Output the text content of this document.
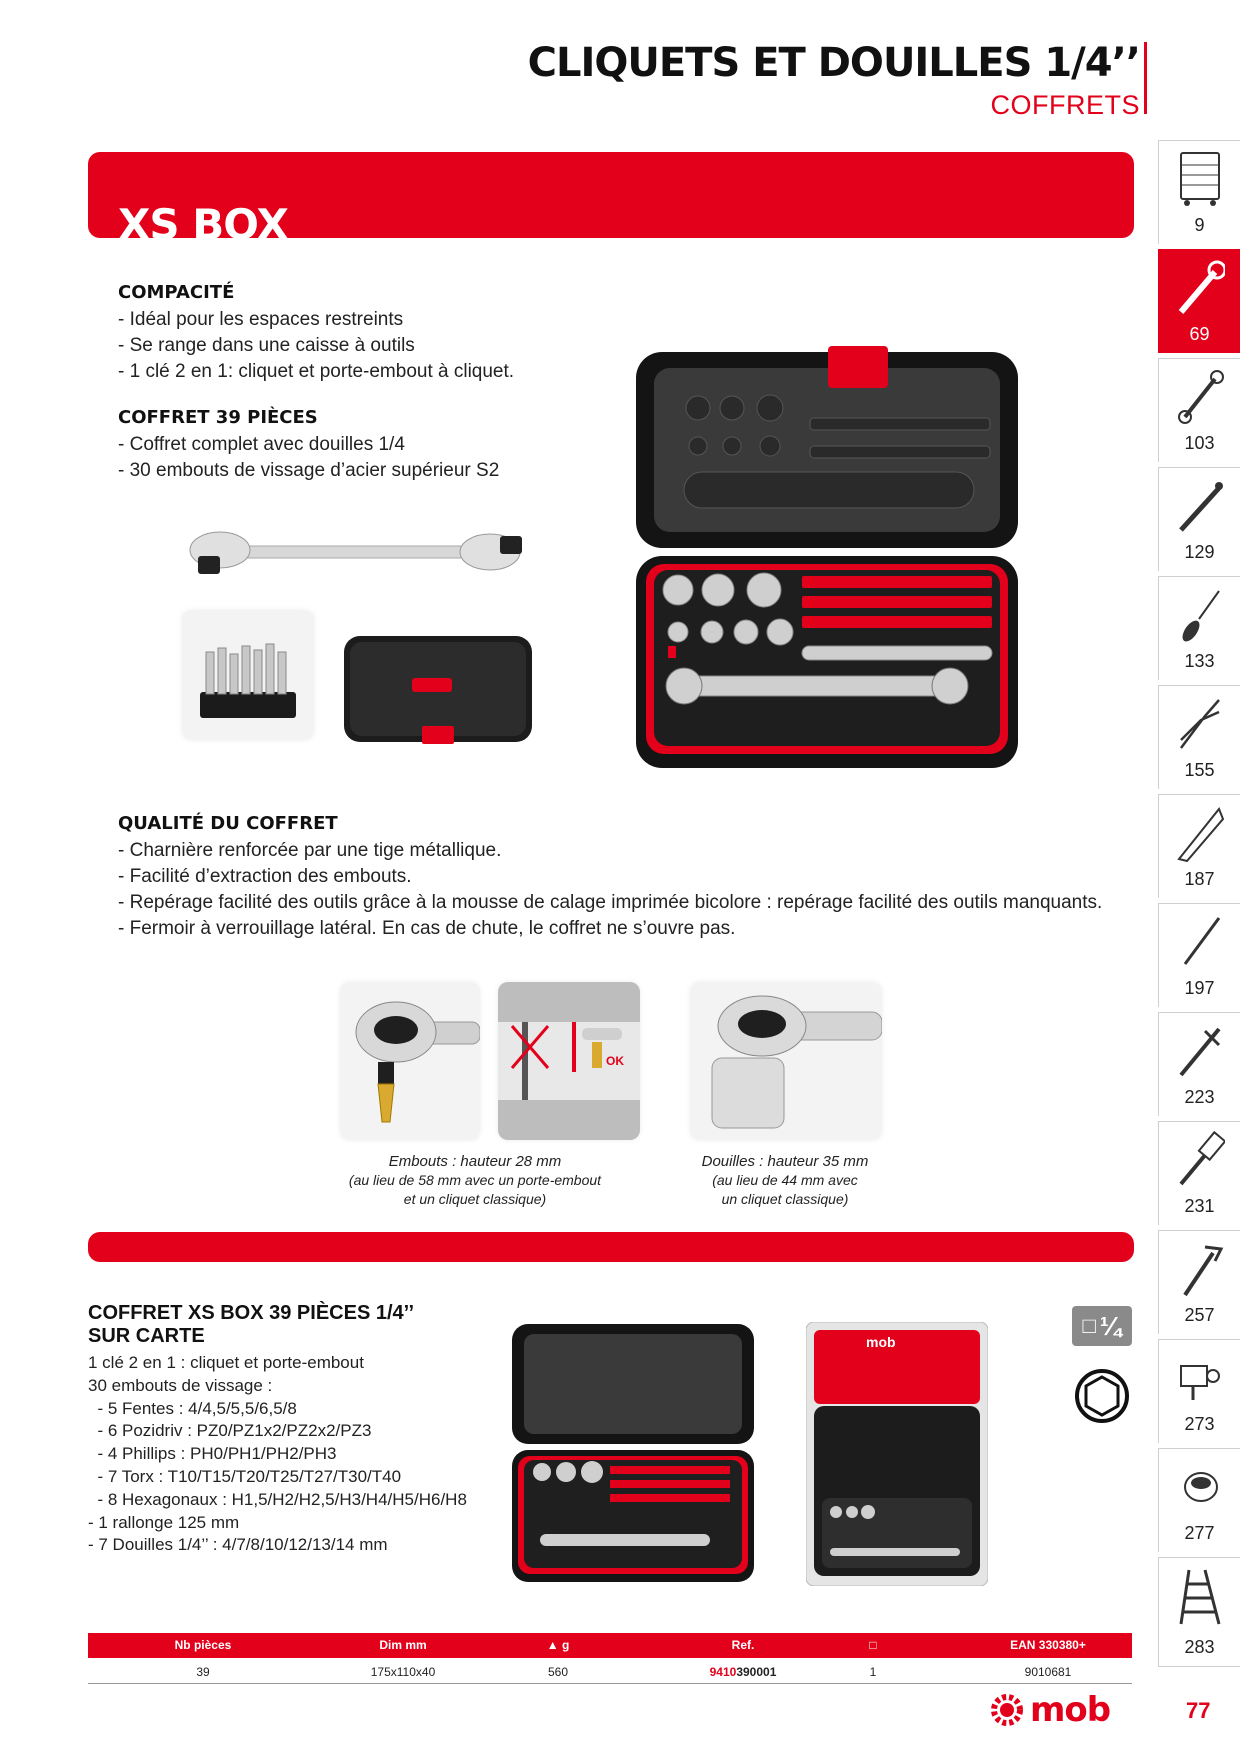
CLIQUETS ET DOUILLES 1/4’’
COFFRETS
XS BOX
COMPACITÉ
- Idéal pour les espaces restreints
- Se range dans une caisse à outils
- 1 clé 2 en 1: cliquet et porte-embout à cliquet.
COFFRET 39 PIÈCES
- Coffret complet avec douilles 1/4
- 30 embouts de vissage d’acier supérieur S2
QUALITÉ DU COFFRET
- Charnière renforcée par une tige métallique.
- Facilité d’extraction des embouts.
- Repérage facilité des outils grâce à la mousse de calage imprimée bicolore : repérage facilité des outils manquants.
- Fermoir à verrouillage latéral. En cas de chute, le coffret ne s’ouvre pas.
OK
Embouts : hauteur 28 mm
(au lieu de 58 mm avec un porte-embout
et un cliquet classique)
Douilles : hauteur 35 mm
(au lieu de 44 mm avec
un cliquet classique)
COFFRET XS BOX 39 PIÈCES 1/4’’
SUR CARTE
1 clé 2 en 1 : cliquet et porte-embout
30 embouts de vissage :
- 5 Fentes : 4/4,5/5,5/6,5/8
- 6 Pozidriv : PZ0/PZ1x2/PZ2x2/PZ3
- 4 Phillips : PH0/PH1/PH2/PH3
- 7 Torx : T10/T15/T20/T25/T27/T30/T40
- 8 Hexagonaux : H1,5/H2/H2,5/H3/H4/H5/H6/H8
- 1 rallonge 125 mm
- 7 Douilles 1/4’’ : 4/7/8/10/12/13/14 mm
mob
□ ¼
Nb pièces	Dim mm	▲ g	Ref.	□	EAN 330380+
39	175x110x40	560	9410390001	1	9010681
mob	77
9
69
103
129
133
155
187
197
223
231
257
273
277
283
